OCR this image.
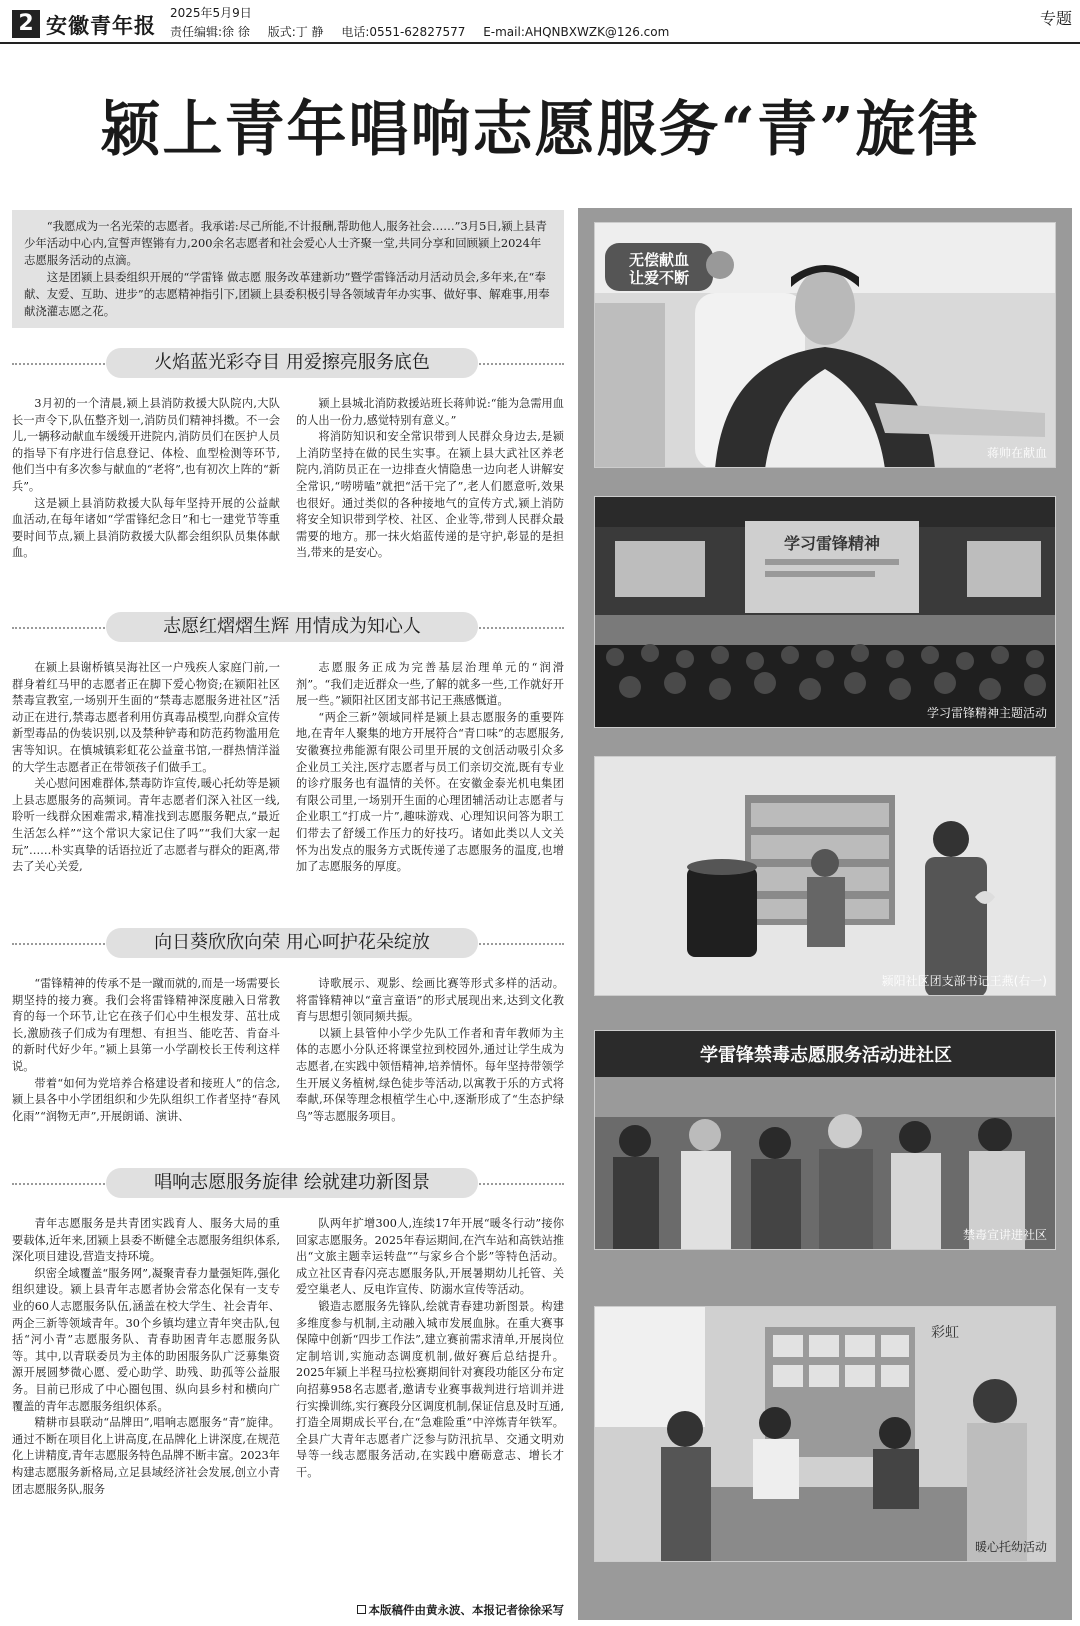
2 安徽青年报 2025年5月9日
责任编辑:徐 徐 版式:丁 静 电话:0551-62827577 E-mail:AHQNBXWZK@126.com
专题
颍上青年唱响志愿服务“青”旋律

“我愿成为一名光荣的志愿者。我承诺:尽己所能,不计报酬,帮助他人,服务社会……”3月5日,颍上县青少年活动中心内,宣誓声铿锵有力,200余名志愿者和社会爱心人士齐聚一堂,共同分享和回顾颍上2024年志愿服务活动的点滴。

这是团颍上县委组织开展的“学雷锋 做志愿 服务改革建新功”暨学雷锋活动月活动员会,多年来,在“奉献、友爱、互助、进步”的志愿精神指引下,团颍上县委积极引导各领域青年办实事、做好事、解难事,用奉献浇灌志愿之花。

火焰蓝光彩夺目 用爱擦亮服务底色

3月初的一个清晨,颍上县消防救援大队院内,大队长一声令下,队伍整齐划一,消防员们精神抖擞。不一会儿,一辆移动献血车缓缓开进院内,消防员们在医护人员的指导下有序进行信息登记、体检、血型检测等环节,他们当中有多次参与献血的“老将”,也有初次上阵的“新兵”。

这是颍上县消防救援大队每年坚持开展的公益献血活动,在每年诸如“学雷锋纪念日”和七一建党节等重要时间节点,颍上县消防救援大队都会组织队员集体献血。

颍上县城北消防救援站班长蒋帅说:“能为急需用血的人出一份力,感觉特别有意义。”

将消防知识和安全常识带到人民群众身边去,是颍上消防坚持在做的民生实事。在颍上县大武社区养老院内,消防员正在一边排查火情隐患一边向老人讲解安全常识,“唠唠嗑”就把“活干完了”,老人们愿意听,效果也很好。通过类似的各种接地气的宣传方式,颍上消防将安全知识带到学校、社区、企业等,带到人民群众最需要的地方。那一抹火焰蓝传递的是守护,彰显的是担当,带来的是安心。

志愿红熠熠生辉 用情成为知心人

在颍上县谢桥镇吴海社区一户残疾人家庭门前,一群身着红马甲的志愿者正在脚下爱心物资;在颍阳社区禁毒宣教室,一场别开生面的“禁毒志愿服务进社区”活动正在进行,禁毒志愿者利用仿真毒品模型,向群众宣传新型毒品的伪装识别,以及禁种铲毒和防范药物滥用危害等知识。在慎城镇彩虹花公益童书馆,一群热情洋溢的大学生志愿者正在带领孩子们做手工。

关心慰问困难群体,禁毒防诈宣传,暖心托幼等是颍上县志愿服务的高频词。青年志愿者们深入社区一线,聆听一线群众困难需求,精准找到志愿服务靶点,“最近生活怎么样”“这个常识大家记住了吗”“我们大家一起玩”……朴实真挚的话语拉近了志愿者与群众的距离,带去了关心关爱,

志愿服务正成为完善基层治理单元的“润滑剂”。“我们走近群众一些,了解的就多一些,工作就好开展一些。”颍阳社区团支部书记王燕感慨道。

“两企三新”领域同样是颍上县志愿服务的重要阵地,在青年人聚集的地方开展符合“青口味”的志愿服务,安徽赛拉弗能源有限公司里开展的文创活动吸引众多企业员工关注,医疗志愿者与员工们亲切交流,既有专业的诊疗服务也有温情的关怀。在安徽金泰光机电集团有限公司里,一场别开生面的心理团辅活动让志愿者与企业职工“打成一片”,趣味游戏、心理知识问答为职工们带去了舒缓工作压力的好技巧。诸如此类以人文关怀为出发点的服务方式既传递了志愿服务的温度,也增加了志愿服务的厚度。

向日葵欣欣向荣 用心呵护花朵绽放

“雷锋精神的传承不是一蹴而就的,而是一场需要长期坚持的接力赛。我们会将雷锋精神深度融入日常教育的每一个环节,让它在孩子们心中生根发芽、茁壮成长,激励孩子们成为有理想、有担当、能吃苦、肯奋斗的新时代好少年。”颍上县第一小学副校长王传利这样说。

带着“如何为党培养合格建设者和接班人”的信念,颍上县各中小学团组织和少先队组织工作者坚持“春风化雨”“润物无声”,开展朗诵、演讲、

诗歌展示、观影、绘画比赛等形式多样的活动。将雷锋精神以“童言童语”的形式展现出来,达到文化教育与思想引领同频共振。

以颍上县管仲小学少先队工作者和青年教师为主体的志愿小分队还将课堂拉到校园外,通过让学生成为志愿者,在实践中领悟精神,培养情怀。每年坚持带领学生开展义务植树,绿色徒步等活动,以寓教于乐的方式将奉献,环保等理念根植学生心中,逐渐形成了“生态护绿鸟”等志愿服务项目。

唱响志愿服务旋律 绘就建功新图景

青年志愿服务是共青团实践育人、服务大局的重要载体,近年来,团颍上县委不断健全志愿服务组织体系,深化项目建设,营造支持环境。

织密全域覆盖“服务网”,凝聚青春力量强矩阵,强化组织建设。颍上县青年志愿者协会常态化保有一支专业的60人志愿服务队伍,涵盖在校大学生、社会青年、两企三新等领域青年。30个乡镇均建立青年突击队,包括“河小青”志愿服务队、青春助困青年志愿服务队等。其中,以青联委员为主体的助困服务队广泛募集资源开展圆梦微心愿、爱心助学、助残、助孤等公益服务。目前已形成了中心圈包围、纵向县乡村和横向广覆盖的青年志愿服务组织体系。

精耕市县联动“品牌田”,唱响志愿服务“青”旋律。通过不断在项目化上讲高度,在品牌化上讲深度,在规范化上讲精度,青年志愿服务特色品牌不断丰富。2023年构建志愿服务新格局,立足县域经济社会发展,创立小青团志愿服务队,服务

队两年扩增300人,连续17年开展“暖冬行动”接你回家志愿服务。2025年春运期间,在汽车站和高铁站推出“文旅主题幸运转盘”“与家乡合个影”等特色活动。成立社区青春闪亮志愿服务队,开展暑期幼儿托管、关爱空巢老人、反电诈宣传、防溺水宣传等活动。

锻造志愿服务先锋队,绘就青春建功新图景。构建多维度参与机制,主动融入城市发展血脉。在重大赛事保障中创新“四步工作法”,建立赛前需求清单,开展岗位定制培训,实施动态调度机制,做好赛后总结提升。2025年颍上半程马拉松赛期间针对赛段功能区分布定向招募958名志愿者,邀请专业赛事裁判进行培训并进行实操训练,实行赛段分区调度机制,保证信息及时互通,打造全周期成长平台,在“急难险重”中淬炼青年铁军。全县广大青年志愿者广泛参与防汛抗旱、交通文明劝导等一线志愿服务活动,在实践中磨砺意志、增长才干。

本版稿件由黄永波、本报记者徐徐采写
无偿献血
让爱不断
蒋帅在献血
学习雷锋精神
学习雷锋精神主题活动
颍阳社区团支部书记王燕(右一)
学雷锋禁毒志愿服务活动进社区
禁毒宣讲进社区
彩虹
暖心托幼活动
